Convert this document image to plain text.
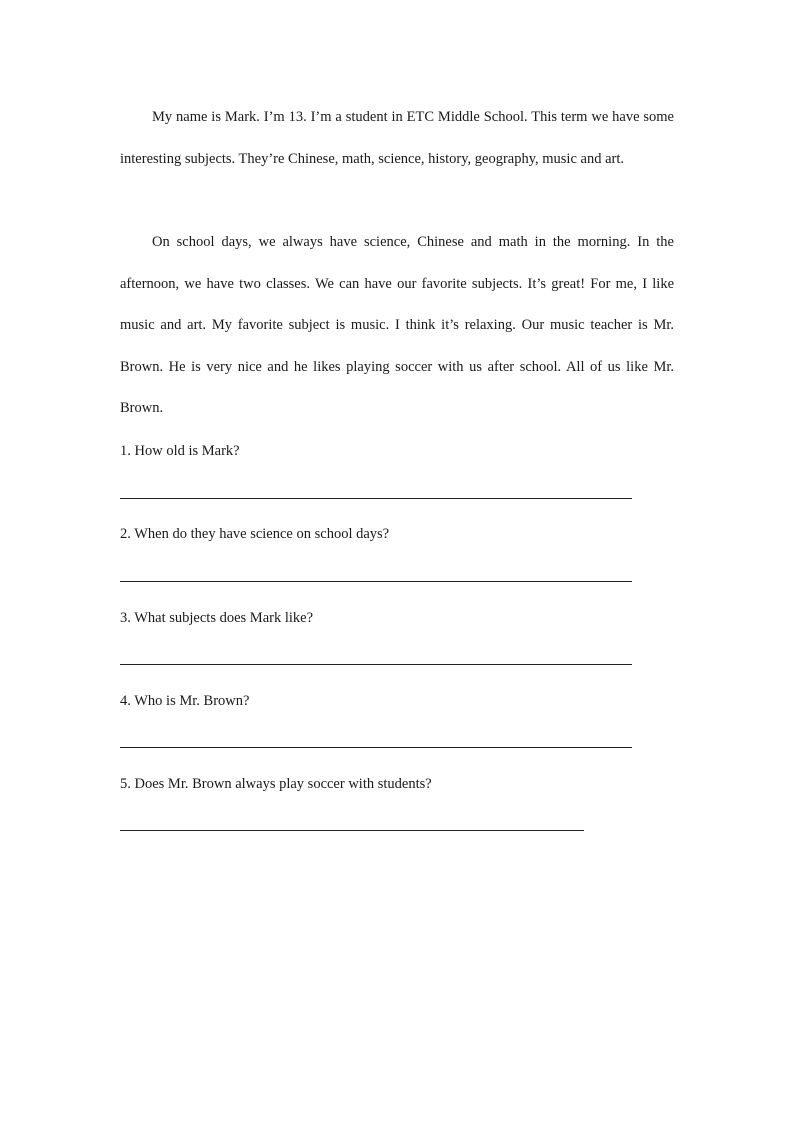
My name is Mark. I’m 13. I’m a student in ETC Middle School. This term we have some interesting subjects. They’re Chinese, math, science, history, geography, music and art.

On school days, we always have science, Chinese and math in the morning. In the afternoon, we have two classes. We can have our favorite subjects. It’s great! For me, I like music and art. My favorite subject is music. I think it’s relaxing. Our music teacher is Mr. Brown. He is very nice and he likes playing soccer with us after school. All of us like Mr. Brown.

1. How old is Mark?

2. When do they have science on school days?

3. What subjects does Mark like?

4. Who is Mr. Brown?

5. Does Mr. Brown always play soccer with students?
